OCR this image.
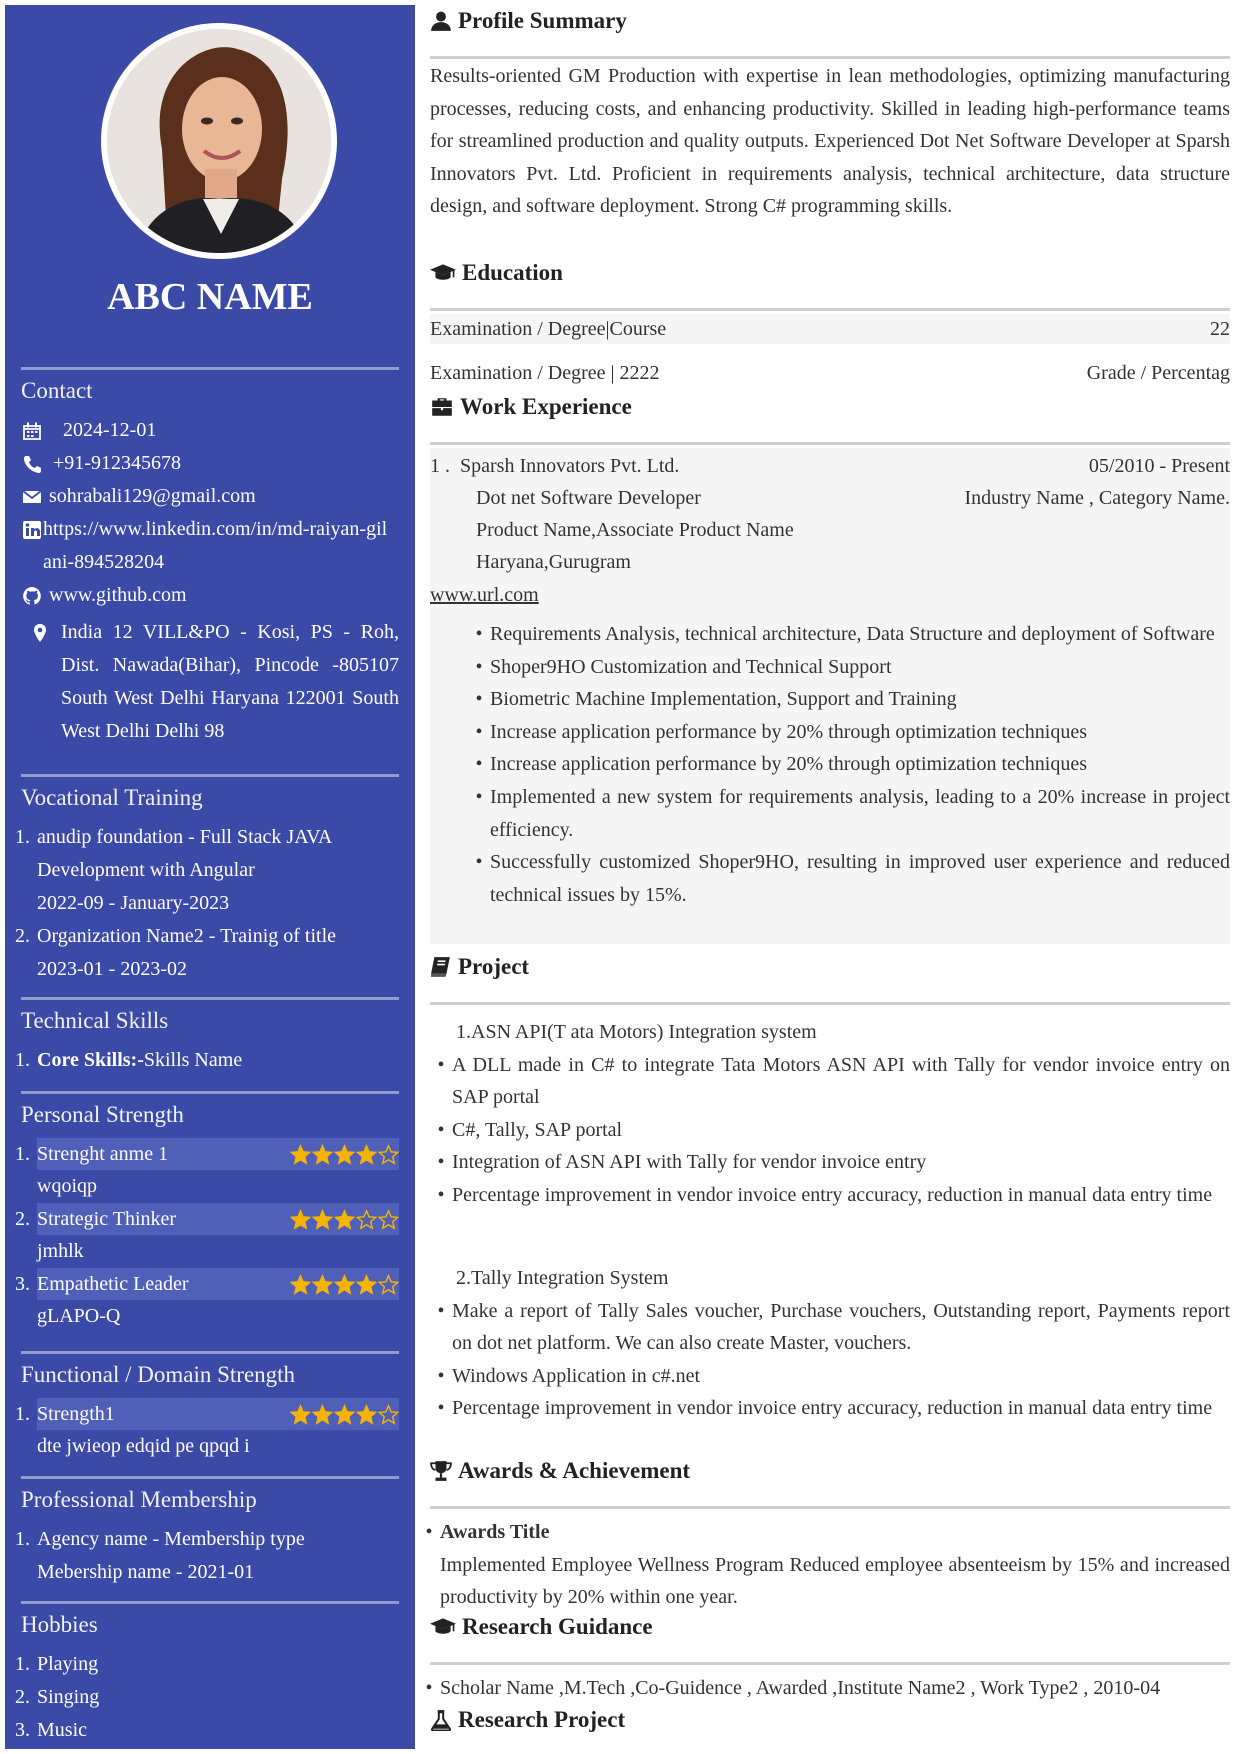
ABC NAME
Contact
2024-12-01
+91-912345678
sohrabali129@gmail.com
https://www.linkedin.com/in/md-raiyan-gilani-894528204
www.github.com
India 12 VILL&PO - Kosi, PS - Roh, Dist. Nawada(Bihar), Pincode -805107 South West Delhi Haryana 122001 South West Delhi Delhi 98
Vocational Training
1. anudip foundation - Full Stack JAVA
Development with Angular
2022-09 - January-2023
2. Organization Name2 - Trainig of title
2023-01 - 2023-02
Technical Skills
1. Core Skills:-Skills Name
Personal Strength
1. Strenght anme 1
wqoiqp
2. Strategic Thinker
jmhlk
3. Empathetic Leader
gLAPO-Q
Functional / Domain Strength
1. Strength1
dte jwieop edqid pe qpqd i
Professional Membership
1. Agency name - Membership type
Mebership name - 2021-01
Hobbies
1. Playing
2. Singing
3. Music
Profile Summary
Results-oriented GM Production with expertise in lean methodologies, optimizing manufacturing processes, reducing costs, and enhancing productivity. Skilled in leading high-performance teams for streamlined production and quality outputs. Experienced Dot Net Software Developer at Sparsh Innovators Pvt. Ltd. Proficient in requirements analysis, technical architecture, data structure design, and software deployment. Strong C# programming skills.
Education
Examination / Degree|Course	22
Examination / Degree | 2222	Grade / Percentag
Work Experience
1 . Sparsh Innovators Pvt. Ltd.	05/2010 - Present
Dot net Software Developer	Industry Name , Category Name.
Product Name,Associate Product Name
Haryana,Gurugram
www.url.com
• Requirements Analysis, technical architecture, Data Structure and deployment of Software
• Shoper9HO Customization and Technical Support
• Biometric Machine Implementation, Support and Training
• Increase application performance by 20% through optimization techniques
• Increase application performance by 20% through optimization techniques
• Implemented a new system for requirements analysis, leading to a 20% increase in project efficiency.
• Successfully customized Shoper9HO, resulting in improved user experience and reduced technical issues by 15%.
Project
1.ASN API(T ata Motors) Integration system
• A DLL made in C# to integrate Tata Motors ASN API with Tally for vendor invoice entry on SAP portal
• C#, Tally, SAP portal
• Integration of ASN API with Tally for vendor invoice entry
• Percentage improvement in vendor invoice entry accuracy, reduction in manual data entry time
2.Tally Integration System
• Make a report of Tally Sales voucher, Purchase vouchers, Outstanding report, Payments report on dot net platform. We can also create Master, vouchers.
• Windows Application in c#.net
• Percentage improvement in vendor invoice entry accuracy, reduction in manual data entry time
Awards & Achievement
• Awards Title
Implemented Employee Wellness Program Reduced employee absenteeism by 15% and increased productivity by 20% within one year.
Research Guidance
• Scholar Name ,M.Tech ,Co-Guidence , Awarded ,Institute Name2 , Work Type2 , 2010-04
Research Project
